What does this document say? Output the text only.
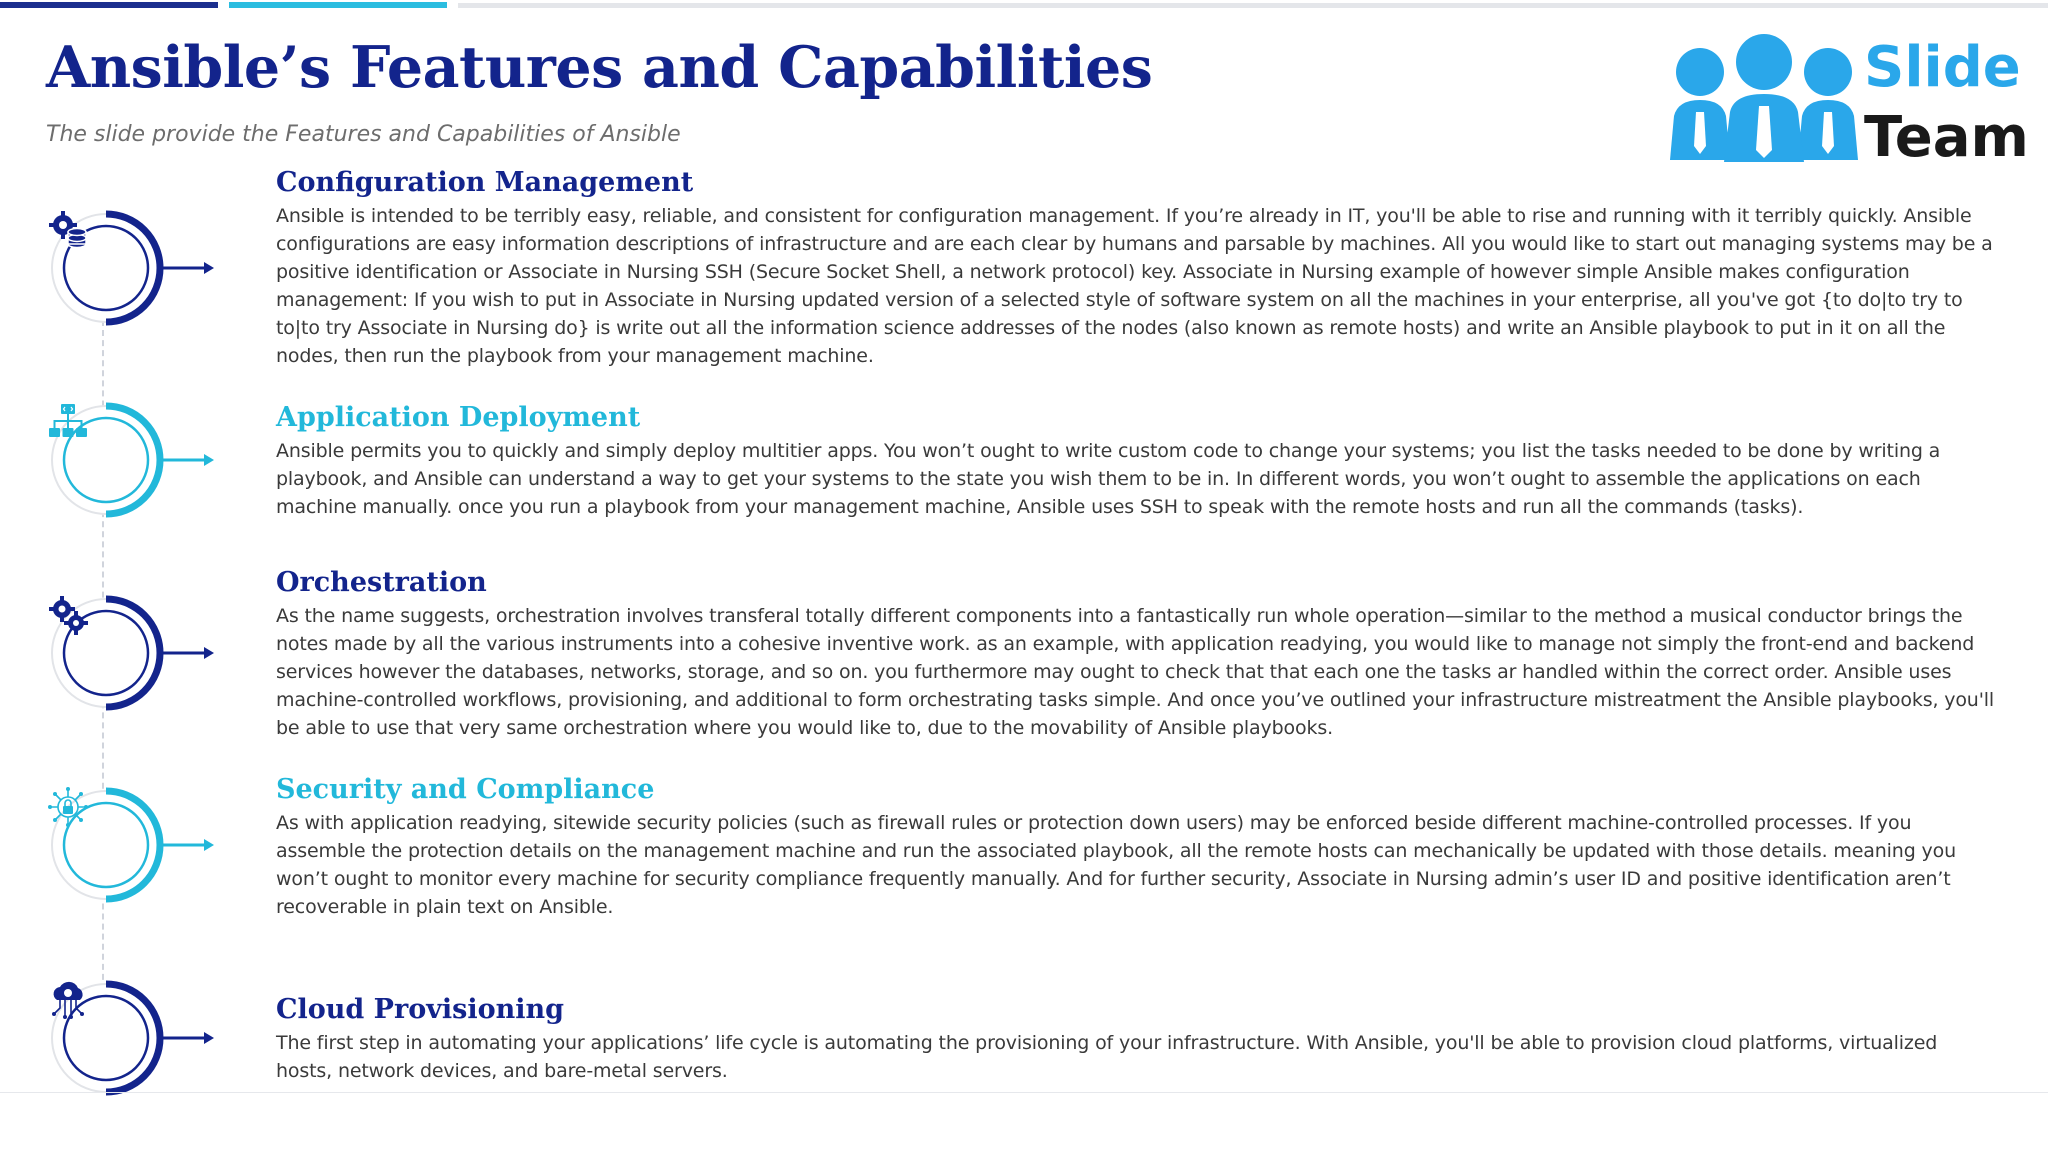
Ansible’s Features and Capabilities
The slide provide the Features and Capabilities of Ansible
Slide
Team
Configuration Management

Ansible is intended to be terribly easy, reliable, and consistent for configuration management. If you’re already in IT, you'll be able to rise and running with it terribly quickly. Ansible configurations are easy information descriptions of infrastructure and are each clear by humans and parsable by machines. All you would like to start out managing systems may be a positive identification or Associate in Nursing SSH (Secure Socket Shell, a network protocol) key. Associate in Nursing example of however simple Ansible makes configuration management: If you wish to put in Associate in Nursing updated version of a selected style of software system on all the machines in your enterprise, all you've got {to do|to try to to|to try Associate in Nursing do} is write out all the information science addresses of the nodes (also known as remote hosts) and write an Ansible playbook to put in it on all the nodes, then run the playbook from your management machine.

Application Deployment

Ansible permits you to quickly and simply deploy multitier apps. You won’t ought to write custom code to change your systems; you list the tasks needed to be done by writing a playbook, and Ansible can understand a way to get your systems to the state you wish them to be in. In different words, you won’t ought to assemble the applications on each machine manually. once you run a playbook from your management machine, Ansible uses SSH to speak with the remote hosts and run all the commands (tasks).

Orchestration

As the name suggests, orchestration involves transferal totally different components into a fantastically run whole operation—similar to the method a musical conductor brings the notes made by all the various instruments into a cohesive inventive work. as an example, with application readying, you would like to manage not simply the front-end and backend services however the databases, networks, storage, and so on. you furthermore may ought to check that that each one the tasks ar handled within the correct order. Ansible uses machine-controlled workflows, provisioning, and additional to form orchestrating tasks simple. And once you’ve outlined your infrastructure mistreatment the Ansible playbooks, you'll be able to use that very same orchestration where you would like to, due to the movability of Ansible playbooks.

Security and Compliance

As with application readying, sitewide security policies (such as firewall rules or protection down users) may be enforced beside different machine-controlled processes. If you assemble the protection details on the management machine and run the associated playbook, all the remote hosts can mechanically be updated with those details. meaning you won’t ought to monitor every machine for security compliance frequently manually. And for further security, Associate in Nursing admin’s user ID and positive identification aren’t recoverable in plain text on Ansible.

Cloud Provisioning

The first step in automating your applications’ life cycle is automating the provisioning of your infrastructure. With Ansible, you'll be able to provision cloud platforms, virtualized hosts, network devices, and bare-metal servers.
